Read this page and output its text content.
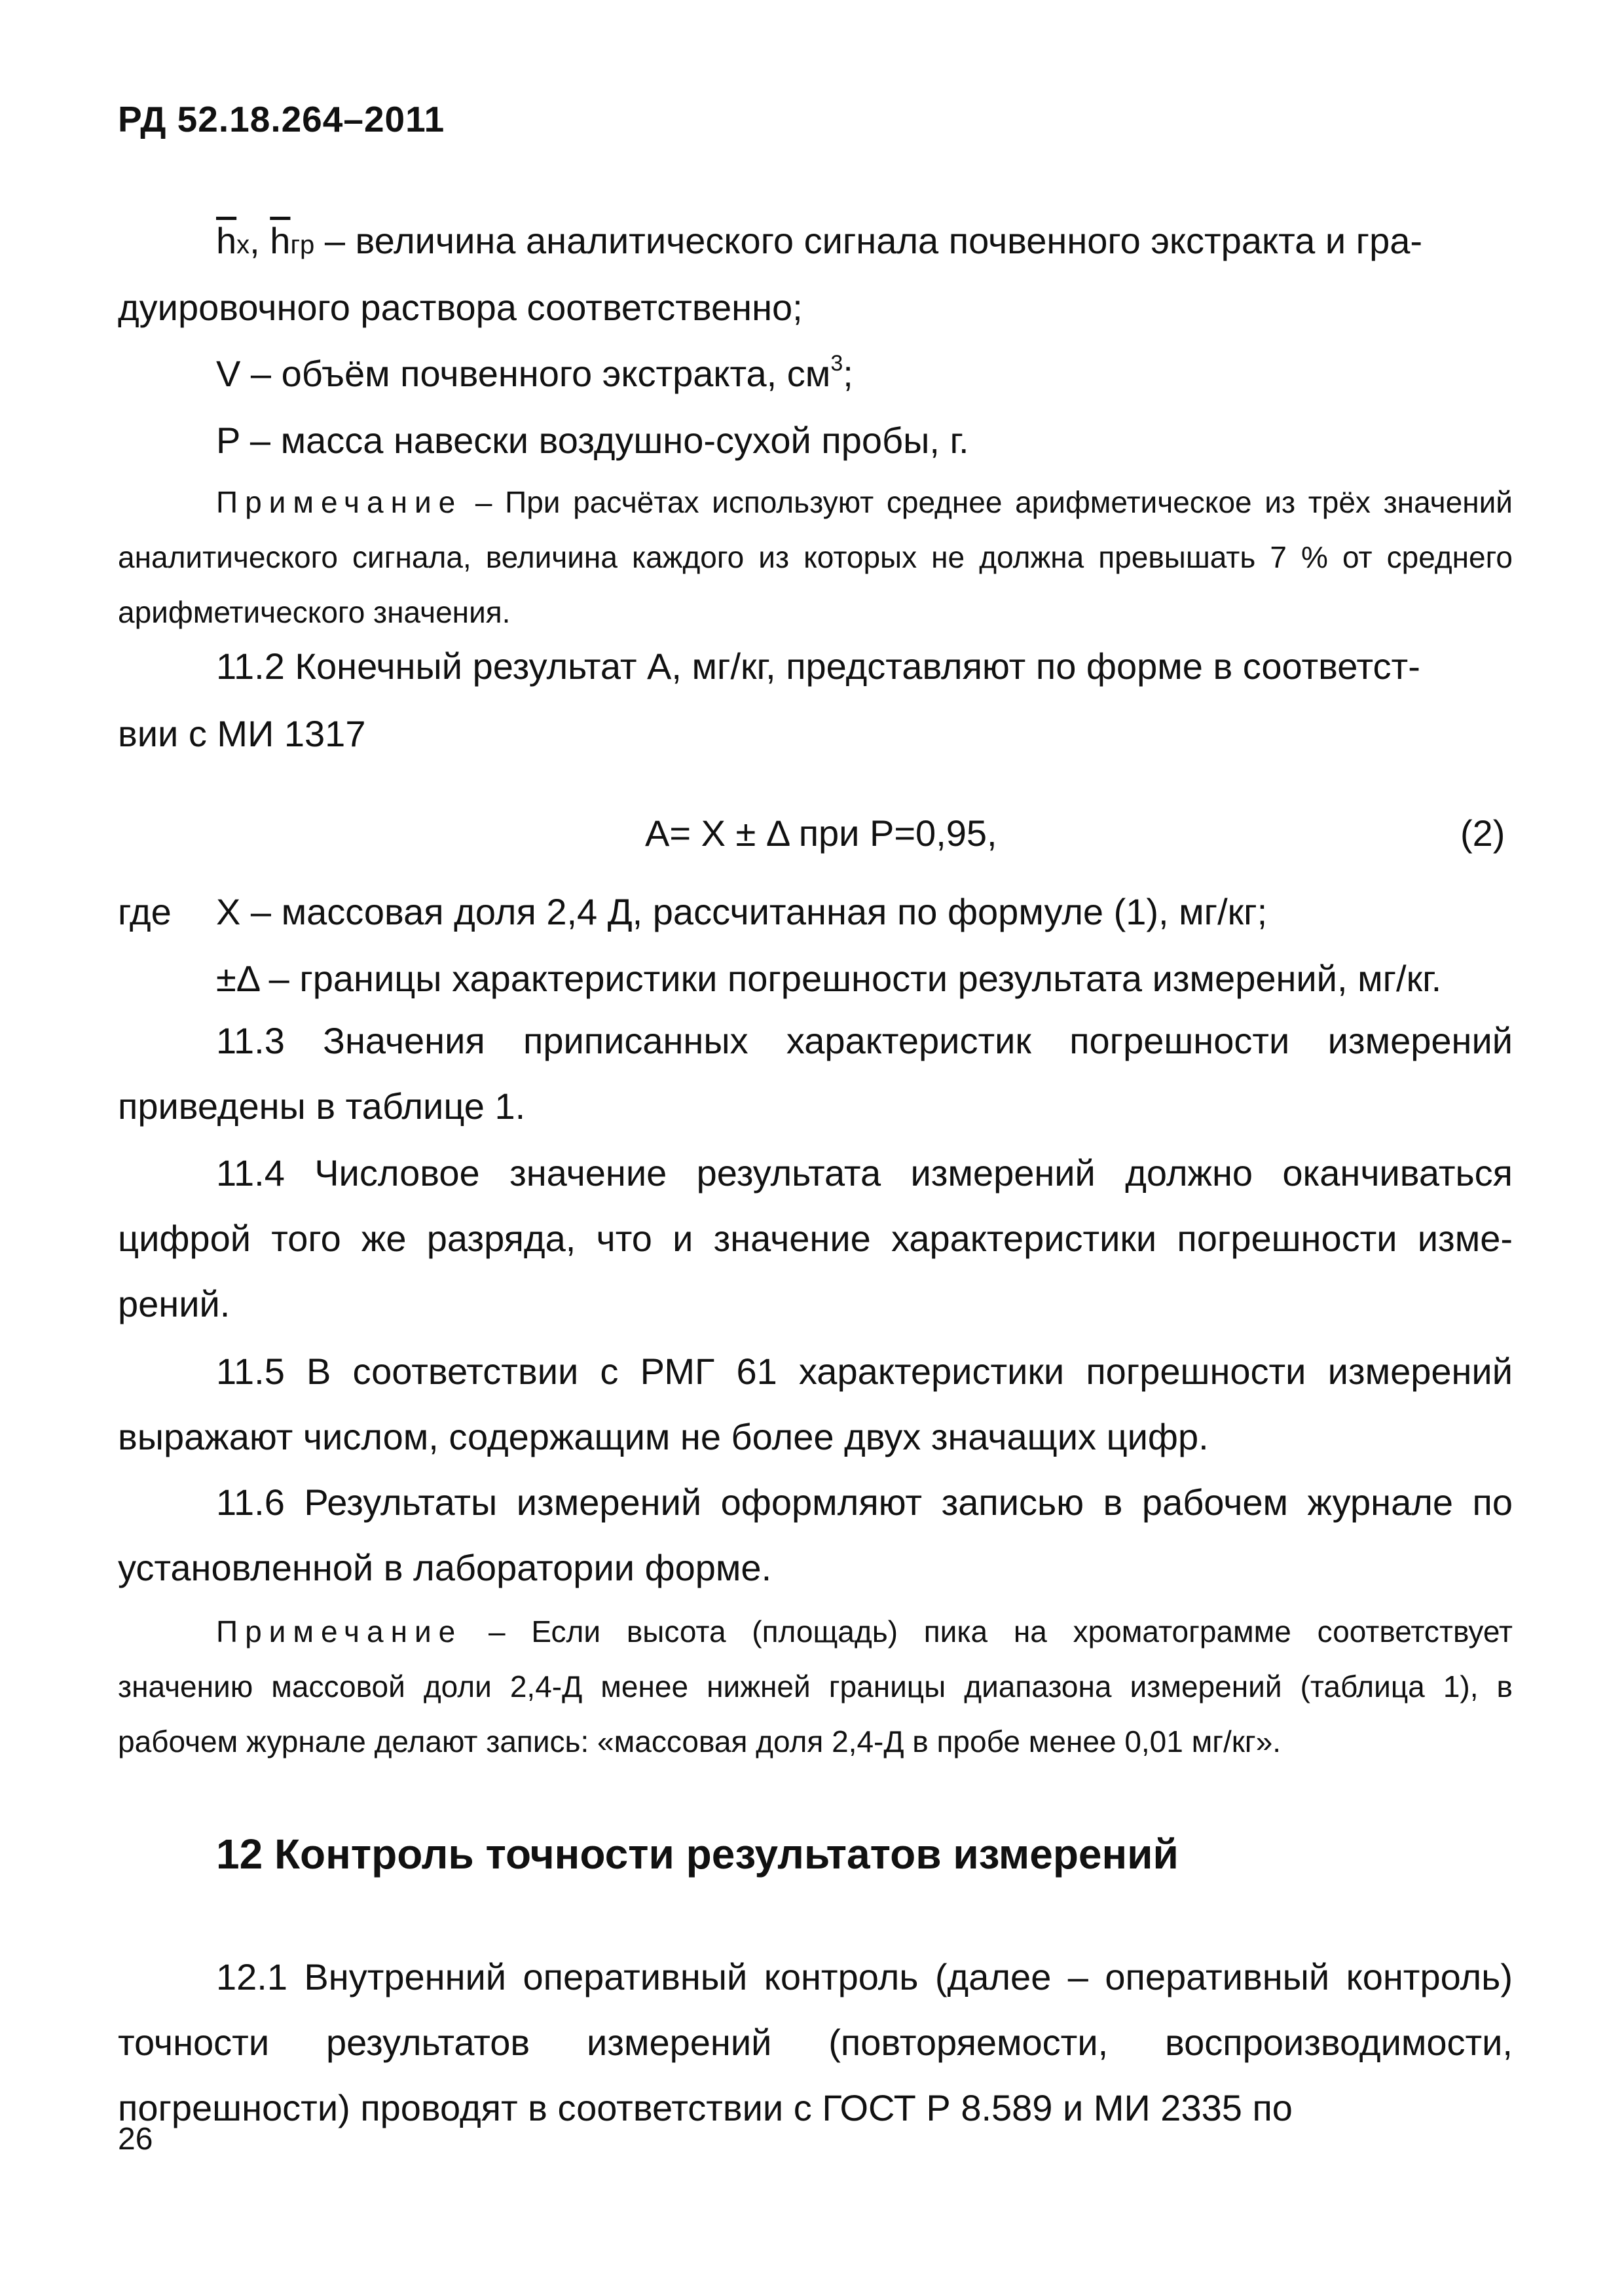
РД 52.18.264–2011
$\overline{h}x$, $\overline{h}гр$ – величина аналитического сигнала почвенного экстракта и гра-
дуировочного раствора соответственно;
V – объём почвенного экстракта, $см^3$;
P – масса навески воздушно-сухой пробы, г.
Примечание – При расчётах используют среднее арифметическое из трёх значений аналитического сигнала, величина каждого из которых не должна превышать 7 % от среднего арифметического значения.
11.2 Конечный результат А, мг/кг, представляют по форме в соответст-
вии с МИ 1317
А= Х ± Δ при Р=0,95,	(2)
где Х – массовая доля 2,4 Д, рассчитанная по формуле (1), мг/кг;
±Δ – границы характеристики погрешности результата измерений, мг/кг.
11.3 Значения приписанных характеристик погрешности измерений приведены в таблице 1.
11.4 Числовое значение результата измерений должно оканчиваться цифрой того же разряда, что и значение характеристики погрешности изме-рений.
11.5 В соответствии с РМГ 61 характеристики погрешности измерений выражают числом, содержащим не более двух значащих цифр.
11.6 Результаты измерений оформляют записью в рабочем журнале по установленной в лаборатории форме.
Примечание – Если высота (площадь) пика на хроматограмме соответствует значению массовой доли 2,4-Д менее нижней границы диапазона измерений (таблица 1), в рабочем журнале делают запись: «массовая доля 2,4-Д в пробе менее 0,01 мг/кг».
12 Контроль точности результатов измерений
12.1 Внутренний оперативный контроль (далее – оперативный контроль) точности результатов измерений (повторяемости, воспроизводимости, погрешности) проводят в соответствии с ГОСТ Р 8.589 и МИ 2335 по
26
